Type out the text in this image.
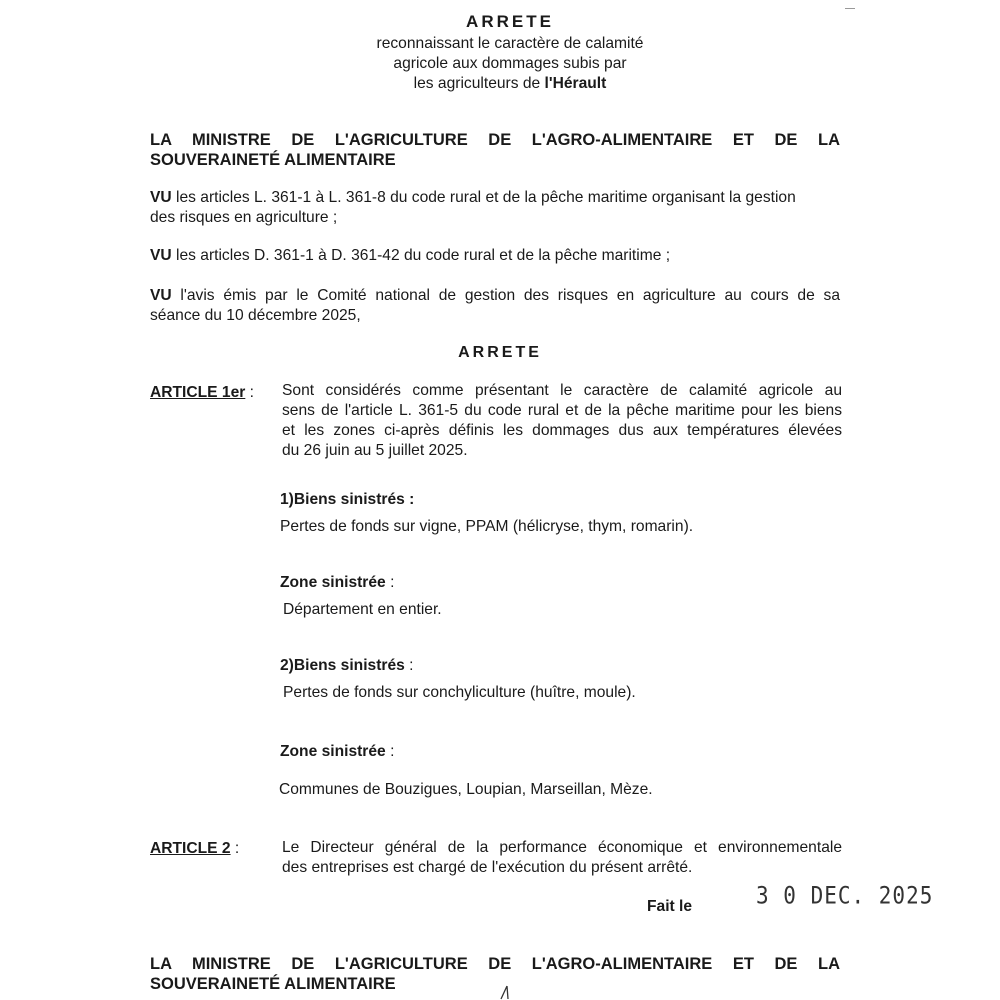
ARRETE
reconnaissant le caractère de calamité
agricole aux dommages subis par
les agriculteurs de l'Hérault
LA MINISTRE DE L'AGRICULTURE DE L'AGRO-ALIMENTAIRE ET DE LA
SOUVERAINETÉ ALIMENTAIRE
VU les articles L. 361-1 à L. 361-8 du code rural et de la pêche maritime organisant la gestion
des risques en agriculture ;
VU les articles D. 361-1 à D. 361-42 du code rural et de la pêche maritime ;
VU l'avis émis par le Comité national de gestion des risques en agriculture au cours de sa
séance du 10 décembre 2025,
ARRETE
ARTICLE 1er : Sont considérés comme présentant le caractère de calamité agricole au
sens de l'article L. 361-5 du code rural et de la pêche maritime pour les biens
et les zones ci-après définis les dommages dus aux températures élevées
du 26 juin au 5 juillet 2025.
1)Biens sinistrés :
Pertes de fonds sur vigne, PPAM (hélicryse, thym, romarin).
Zone sinistrée :
Département en entier.
2)Biens sinistrés :
Pertes de fonds sur conchyliculture (huître, moule).
Zone sinistrée :
Communes de Bouzigues, Loupian, Marseillan, Mèze.
ARTICLE 2 :	Le Directeur général de la performance économique et environnementale
des entreprises est chargé de l'exécution du présent arrêté.
Fait le	3 0 DEC. 2025
LA MINISTRE DE L'AGRICULTURE DE L'AGRO-ALIMENTAIRE ET DE LA
SOUVERAINETÉ ALIMENTAIRE
